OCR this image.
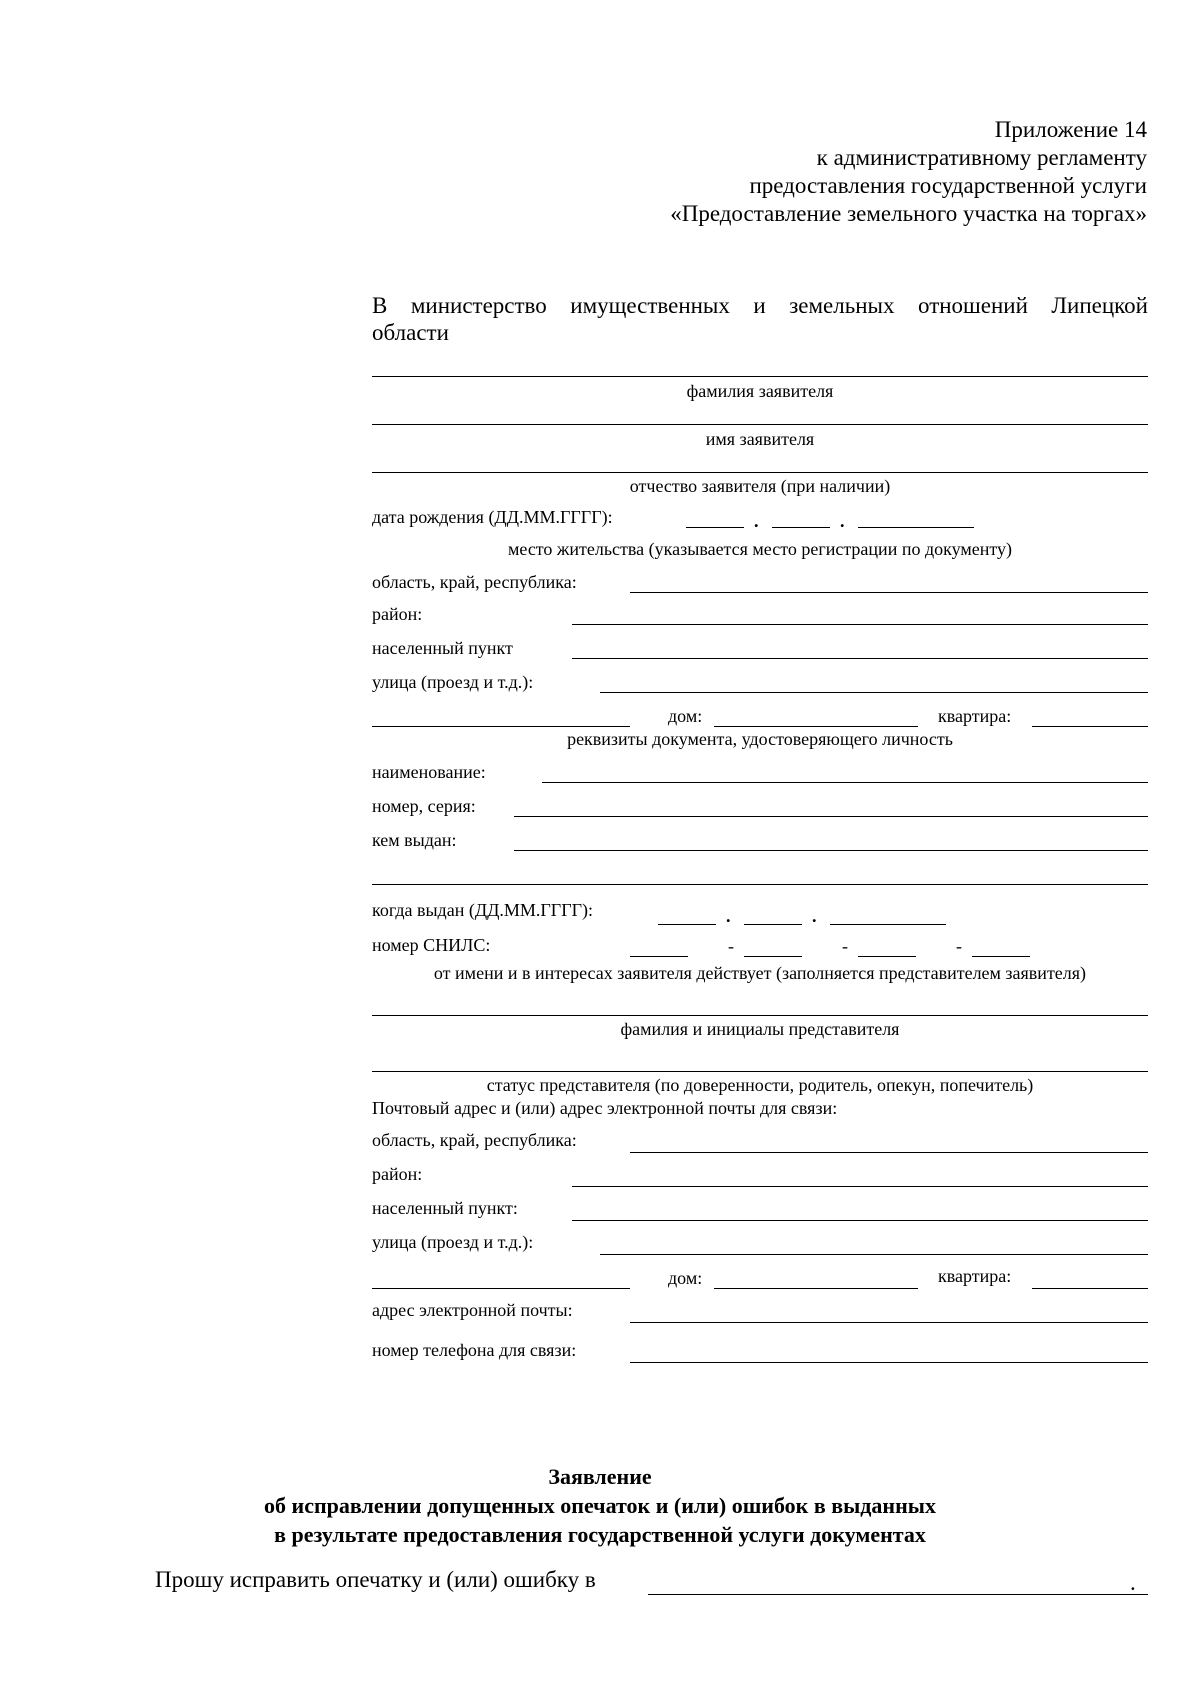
Приложение 14
к административному регламенту
предоставления государственной услуги
«Предоставление земельного участка на торгах»
В министерство имущественных и земельных отношений Липецкой
области
фамилия заявителя
имя заявителя
отчество заявителя (при наличии)
дата рождения (ДД.ММ.ГГГГ):	.	.
место жительства (указывается место регистрации по документу)
область, край, республика:
район:
населенный пункт
улица (проезд и т.д.):
дом:	квартира:
реквизиты документа, удостоверяющего личность
наименование:
номер, серия:
кем выдан:
когда выдан (ДД.ММ.ГГГГ):	.	.
номер СНИЛС:	-	-	-
от имени и в интересах заявителя действует (заполняется представителем заявителя)
фамилия и инициалы представителя
статус представителя (по доверенности, родитель, опекун, попечитель)
Почтовый адрес и (или) адрес электронной почты для связи:
область, край, республика:
район:
населенный пункт:
улица (проезд и т.д.):
дом:	квартира:
адрес электронной почты:
номер телефона для связи:
Заявление
об исправлении допущенных опечаток и (или) ошибок в выданных
в результате предоставления государственной услуги документах
Прошу исправить опечатку и (или) ошибку в	.
